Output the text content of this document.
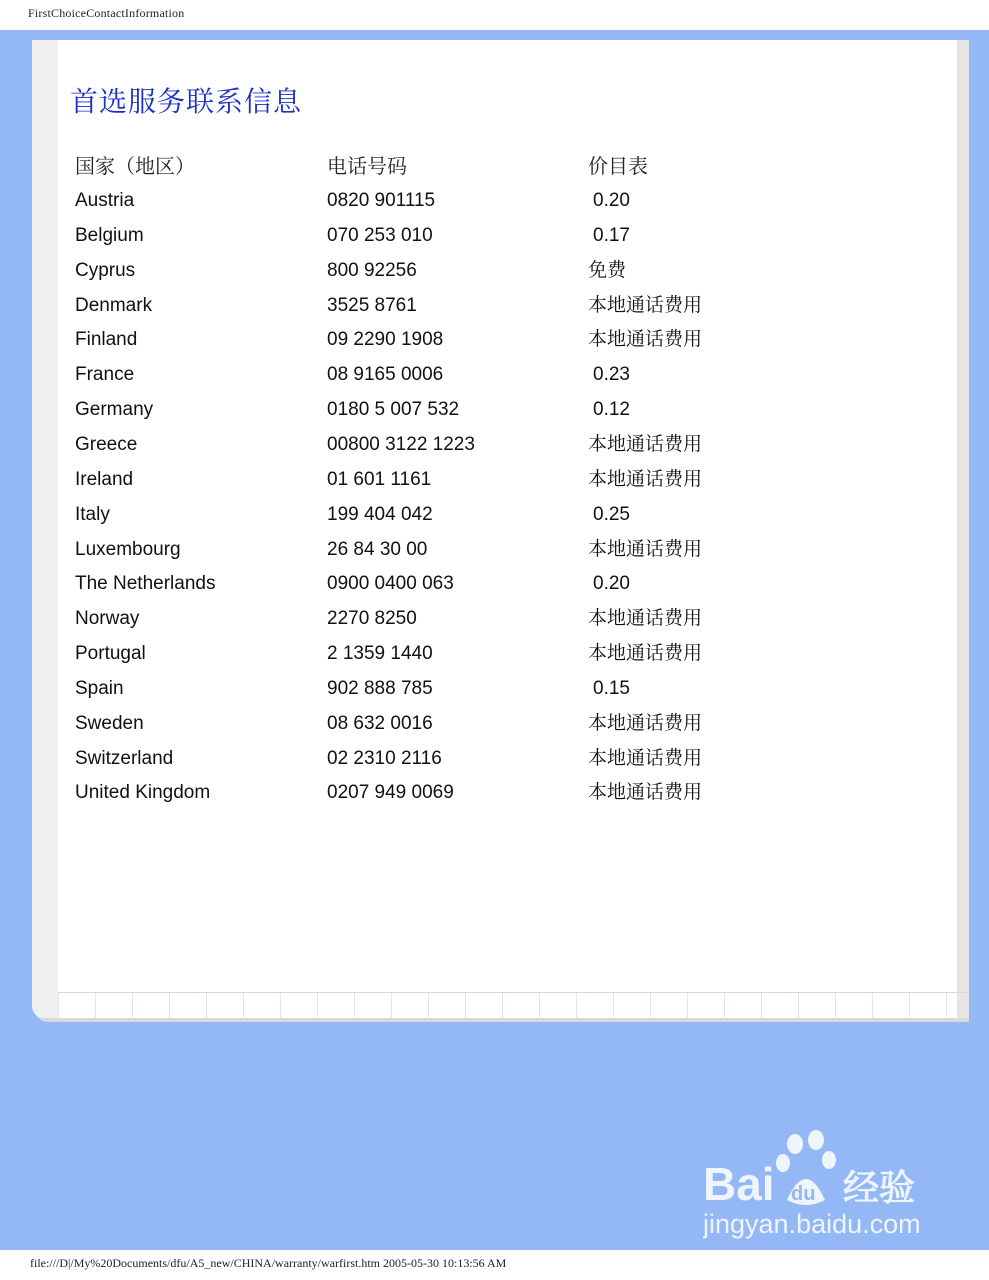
FirstChoiceContactInformation
首选服务联系信息
国家（地区）	电话号码	价目表
Austria	0820 901115	0.20
Belgium	070 253 010	0.17
Cyprus	800 92256	免费
Denmark	3525 8761	本地通话费用
Finland	09 2290 1908	本地通话费用
France	08 9165 0006	0.23
Germany	0180 5 007 532	0.12
Greece	00800 3122 1223	本地通话费用
Ireland	01 601 1161	本地通话费用
Italy	199 404 042	0.25
Luxembourg	26 84 30 00	本地通话费用
The Netherlands	0900 0400 063	0.20
Norway	2270 8250	本地通话费用
Portugal	2 1359 1440	本地通话费用
Spain	902 888 785	0.15
Sweden	08 632 0016	本地通话费用
Switzerland	02 2310 2116	本地通话费用
United Kingdom	0207 949 0069	本地通话费用
file:///D|/My%20Documents/dfu/A5_new/CHINA/warranty/warfirst.htm 2005-05-30 10:13:56 AM
Bai du 经验
jingyan.baidu.com
